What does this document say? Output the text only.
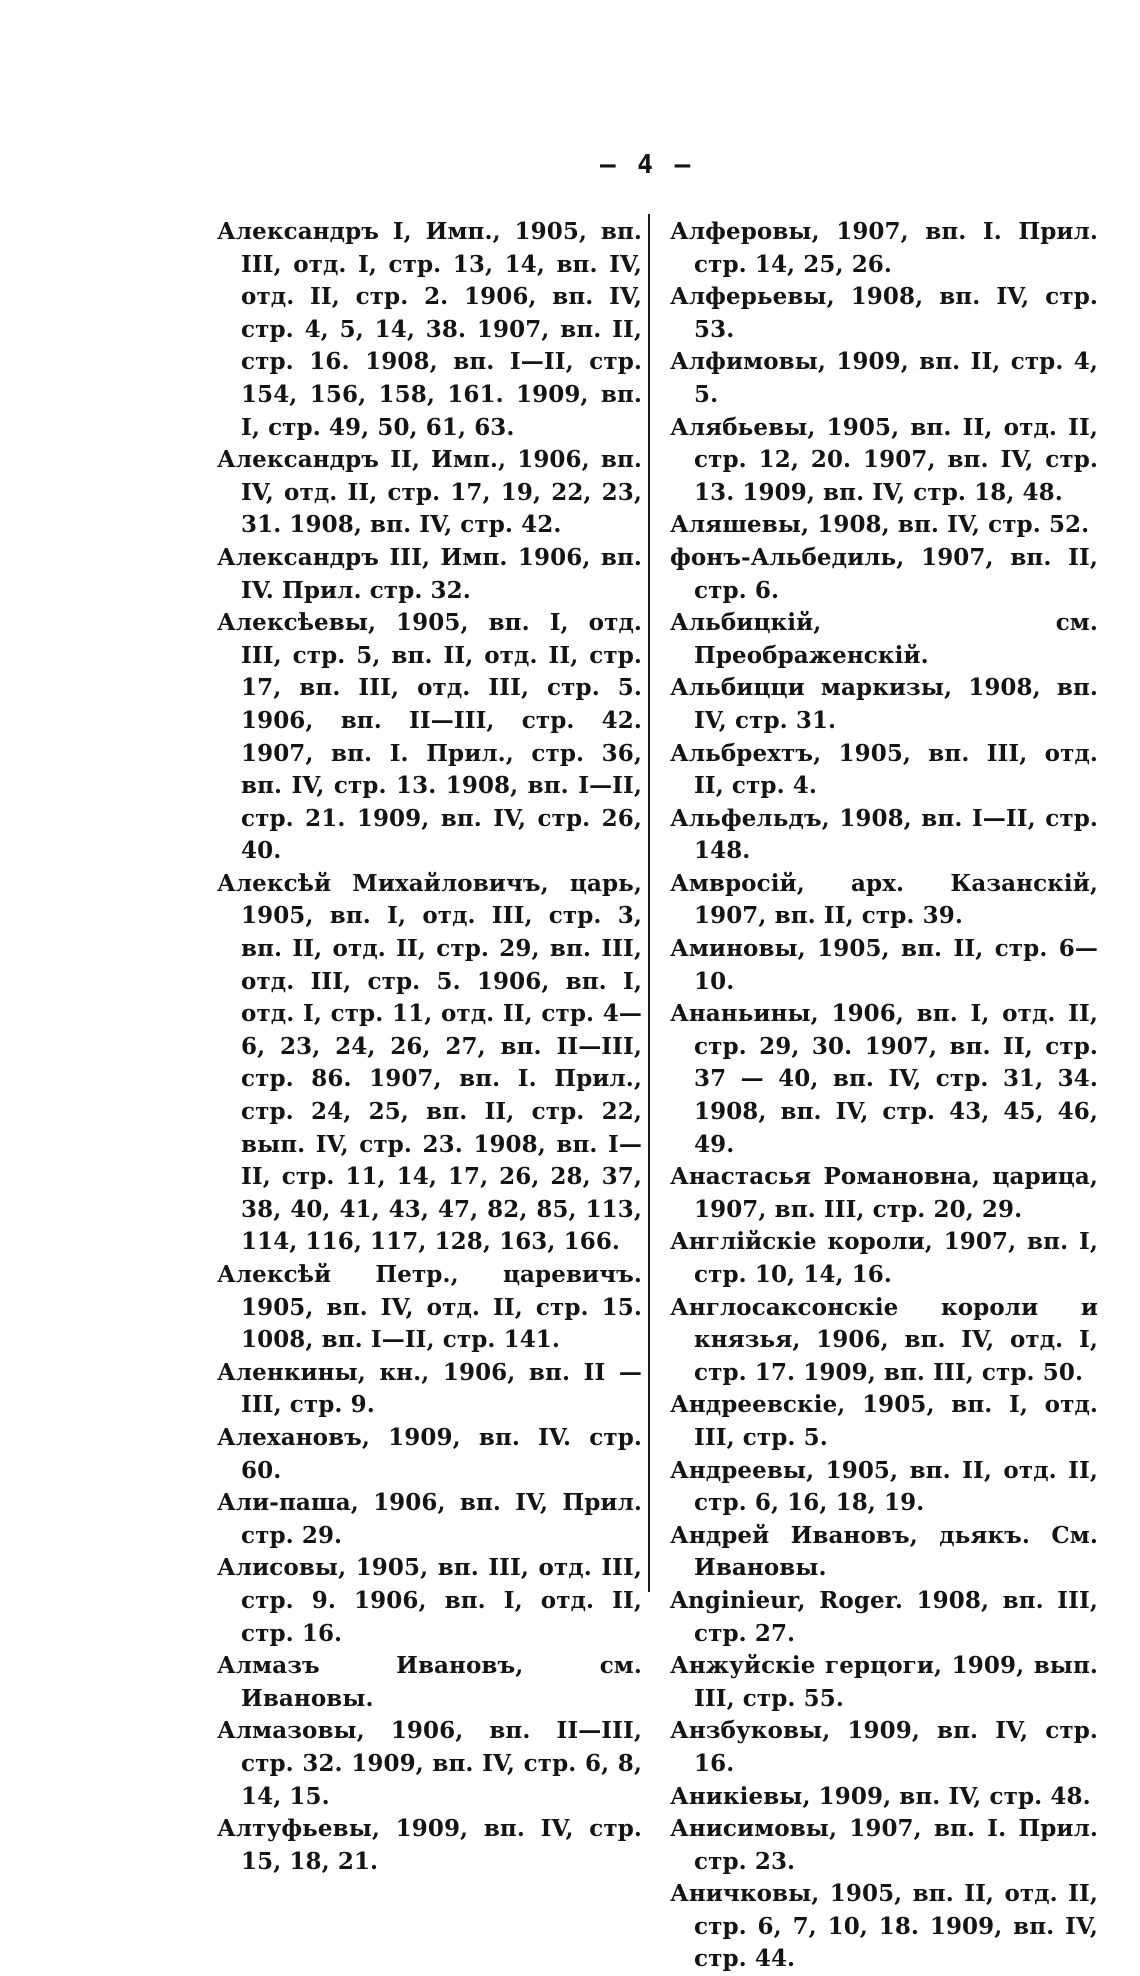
— 4 —
Александръ I, Имп., 1905, вп. III, отд. I, стр. 13, 14, вп. IV, отд. II, стр. 2. 1906, вп. IV, стр. 4, 5, 14, 38. 1907, вп. II, стр. 16. 1908, вп. I—II, стр. 154, 156, 158, 161. 1909, вп. I, стр. 49, 50, 61, 63.
Александръ II, Имп., 1906, вп. IV, отд. II, стр. 17, 19, 22, 23, 31. 1908, вп. IV, стр. 42.
Александръ III, Имп. 1906, вп. IV. Прил. стр. 32.
Алексѣевы, 1905, вп. I, отд. III, стр. 5, вп. II, отд. II, стр. 17, вп. III, отд. III, стр. 5. 1906, вп. II—III, стр. 42. 1907, вп. I. Прил., стр. 36, вп. IV, стр. 13. 1908, вп. I—II, стр. 21. 1909, вп. IV, стр. 26, 40.
Алексѣй Михайловичъ, царь, 1905, вп. I, отд. III, стр. 3, вп. II, отд. II, стр. 29, вп. III, отд. III, стр. 5. 1906, вп. I, отд. I, стр. 11, отд. II, стр. 4—6, 23, 24, 26, 27, вп. II—III, стр. 86. 1907, вп. I. Прил., стр. 24, 25, вп. II, стр. 22, вып. IV, стр. 23. 1908, вп. I—II, стр. 11, 14, 17, 26, 28, 37, 38, 40, 41, 43, 47, 82, 85, 113, 114, 116, 117, 128, 163, 166.
Алексѣй Петр., царевичъ. 1905, вп. IV, отд. II, стр. 15. 1008, вп. I—II, стр. 141.
Аленкины, кн., 1906, вп. II — III, стр. 9.
Алехановъ, 1909, вп. IV. стр. 60.
Али-паша, 1906, вп. IV, Прил. стр. 29.
Алисовы, 1905, вп. III, отд. III, стр. 9. 1906, вп. I, отд. II, стр. 16.
Алмазъ Ивановъ, см. Ивановы.
Алмазовы, 1906, вп. II—III, стр. 32. 1909, вп. IV, стр. 6, 8, 14, 15.
Алтуфьевы, 1909, вп. IV, стр. 15, 18, 21.
Алферовы, 1907, вп. I. Прил. стр. 14, 25, 26.
Алферьевы, 1908, вп. IV, стр. 53.
Алфимовы, 1909, вп. II, стр. 4, 5.
Алябьевы, 1905, вп. II, отд. II, стр. 12, 20. 1907, вп. IV, стр. 13. 1909, вп. IV, стр. 18, 48.
Аляшевы, 1908, вп. IV, стр. 52.
фонъ-Альбедиль, 1907, вп. II, стр. 6.
Альбицкій, см. Преображенскій.
Альбицци маркизы, 1908, вп. IV, стр. 31.
Альбрехтъ, 1905, вп. III, отд. II, стр. 4.
Альфельдъ, 1908, вп. I—II, стр. 148.
Амвросій, арх. Казанскій, 1907, вп. II, стр. 39.
Аминовы, 1905, вп. II, стр. 6—10.
Ананьины, 1906, вп. I, отд. II, стр. 29, 30. 1907, вп. II, стр. 37 — 40, вп. IV, стр. 31, 34. 1908, вп. IV, стр. 43, 45, 46, 49.
Анастасья Романовна, царица, 1907, вп. III, стр. 20, 29.
Англійскіе короли, 1907, вп. I, стр. 10, 14, 16.
Англосаксонскіе короли и князья, 1906, вп. IV, отд. I, стр. 17. 1909, вп. III, стр. 50.
Андреевскіе, 1905, вп. I, отд. III, стр. 5.
Андреевы, 1905, вп. II, отд. II, стр. 6, 16, 18, 19.
Андрей Ивановъ, дьякъ. См. Ивановы.
Anginieur, Roger. 1908, вп. III, стр. 27.
Анжуйскіе герцоги, 1909, вып. III, стр. 55.
Анзбуковы, 1909, вп. IV, стр. 16.
Аникіевы, 1909, вп. IV, стр. 48.
Анисимовы, 1907, вп. I. Прил. стр. 23.
Аничковы, 1905, вп. II, отд. II, стр. 6, 7, 10, 18. 1909, вп. IV, стр. 44.
